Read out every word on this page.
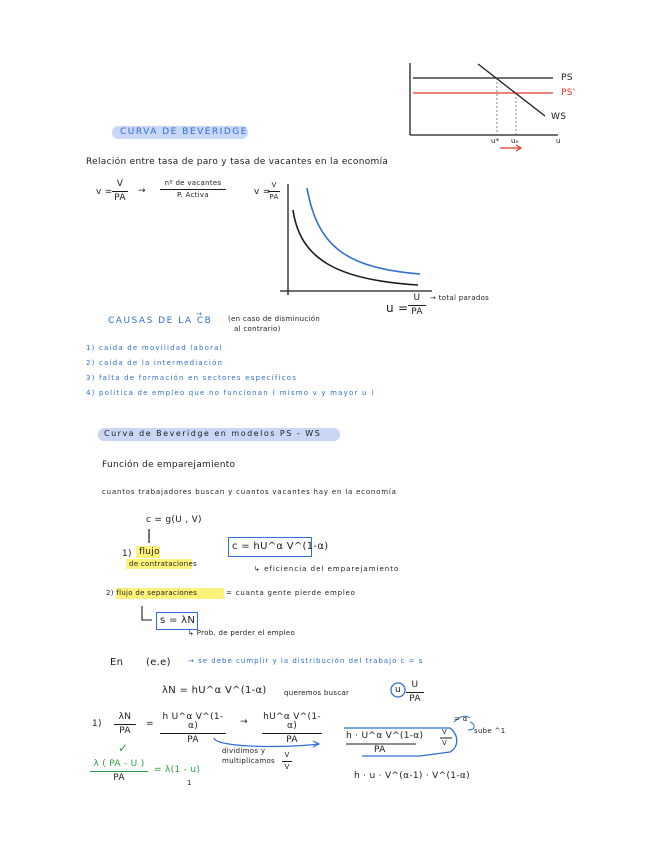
PS
PS'
WS
u* uₑ	u
CURVA DE BEVERIDGE
Relación entre tasa de paro y tasa de vacantes en la economía
v =
V
PA
→
nº de vacantes
P. Activa	v =
V
PA
u =
U
PA
→ total parados
CAUSAS DE LA CB
→
(en caso de disminución
al contrario)
1) caída de movilidad laboral
2) caída de la intermediación
3) falta de formación en sectores específicos
4) política de empleo que no funcionan ( mismo v y mayor u )
Curva de Beveridge en modelos PS - WS
Función de emparejamiento
cuantos trabajadores buscan y cuantos vacantes hay en la economía
c = g(U , V)
1) flujo
de contrataciones
c = hU^α V^(1-α)
↳ eficiencia del emparejamiento
2) flujo de separaciones	= cuanta gente pierde empleo
s = λN
↳ Prob. de perder el empleo
En (e.e) → se debe cumplir y la distribución del trabajo c = s
λN = hU^α V^(1-α) queremos buscar	u	U
PA
1)
λN
PA
=
h U^α V^(1-α)
PA
→ hU^α V^(1-α)
PA
dividimos y
multiplicamos
V
V
h · U^α V^(1-α)
PA
V
V
= α
sube ^1
✓
λ ( PA - U )
PA
= λ(1 - u)
1
h · u · V^(α-1) · V^(1-α)
